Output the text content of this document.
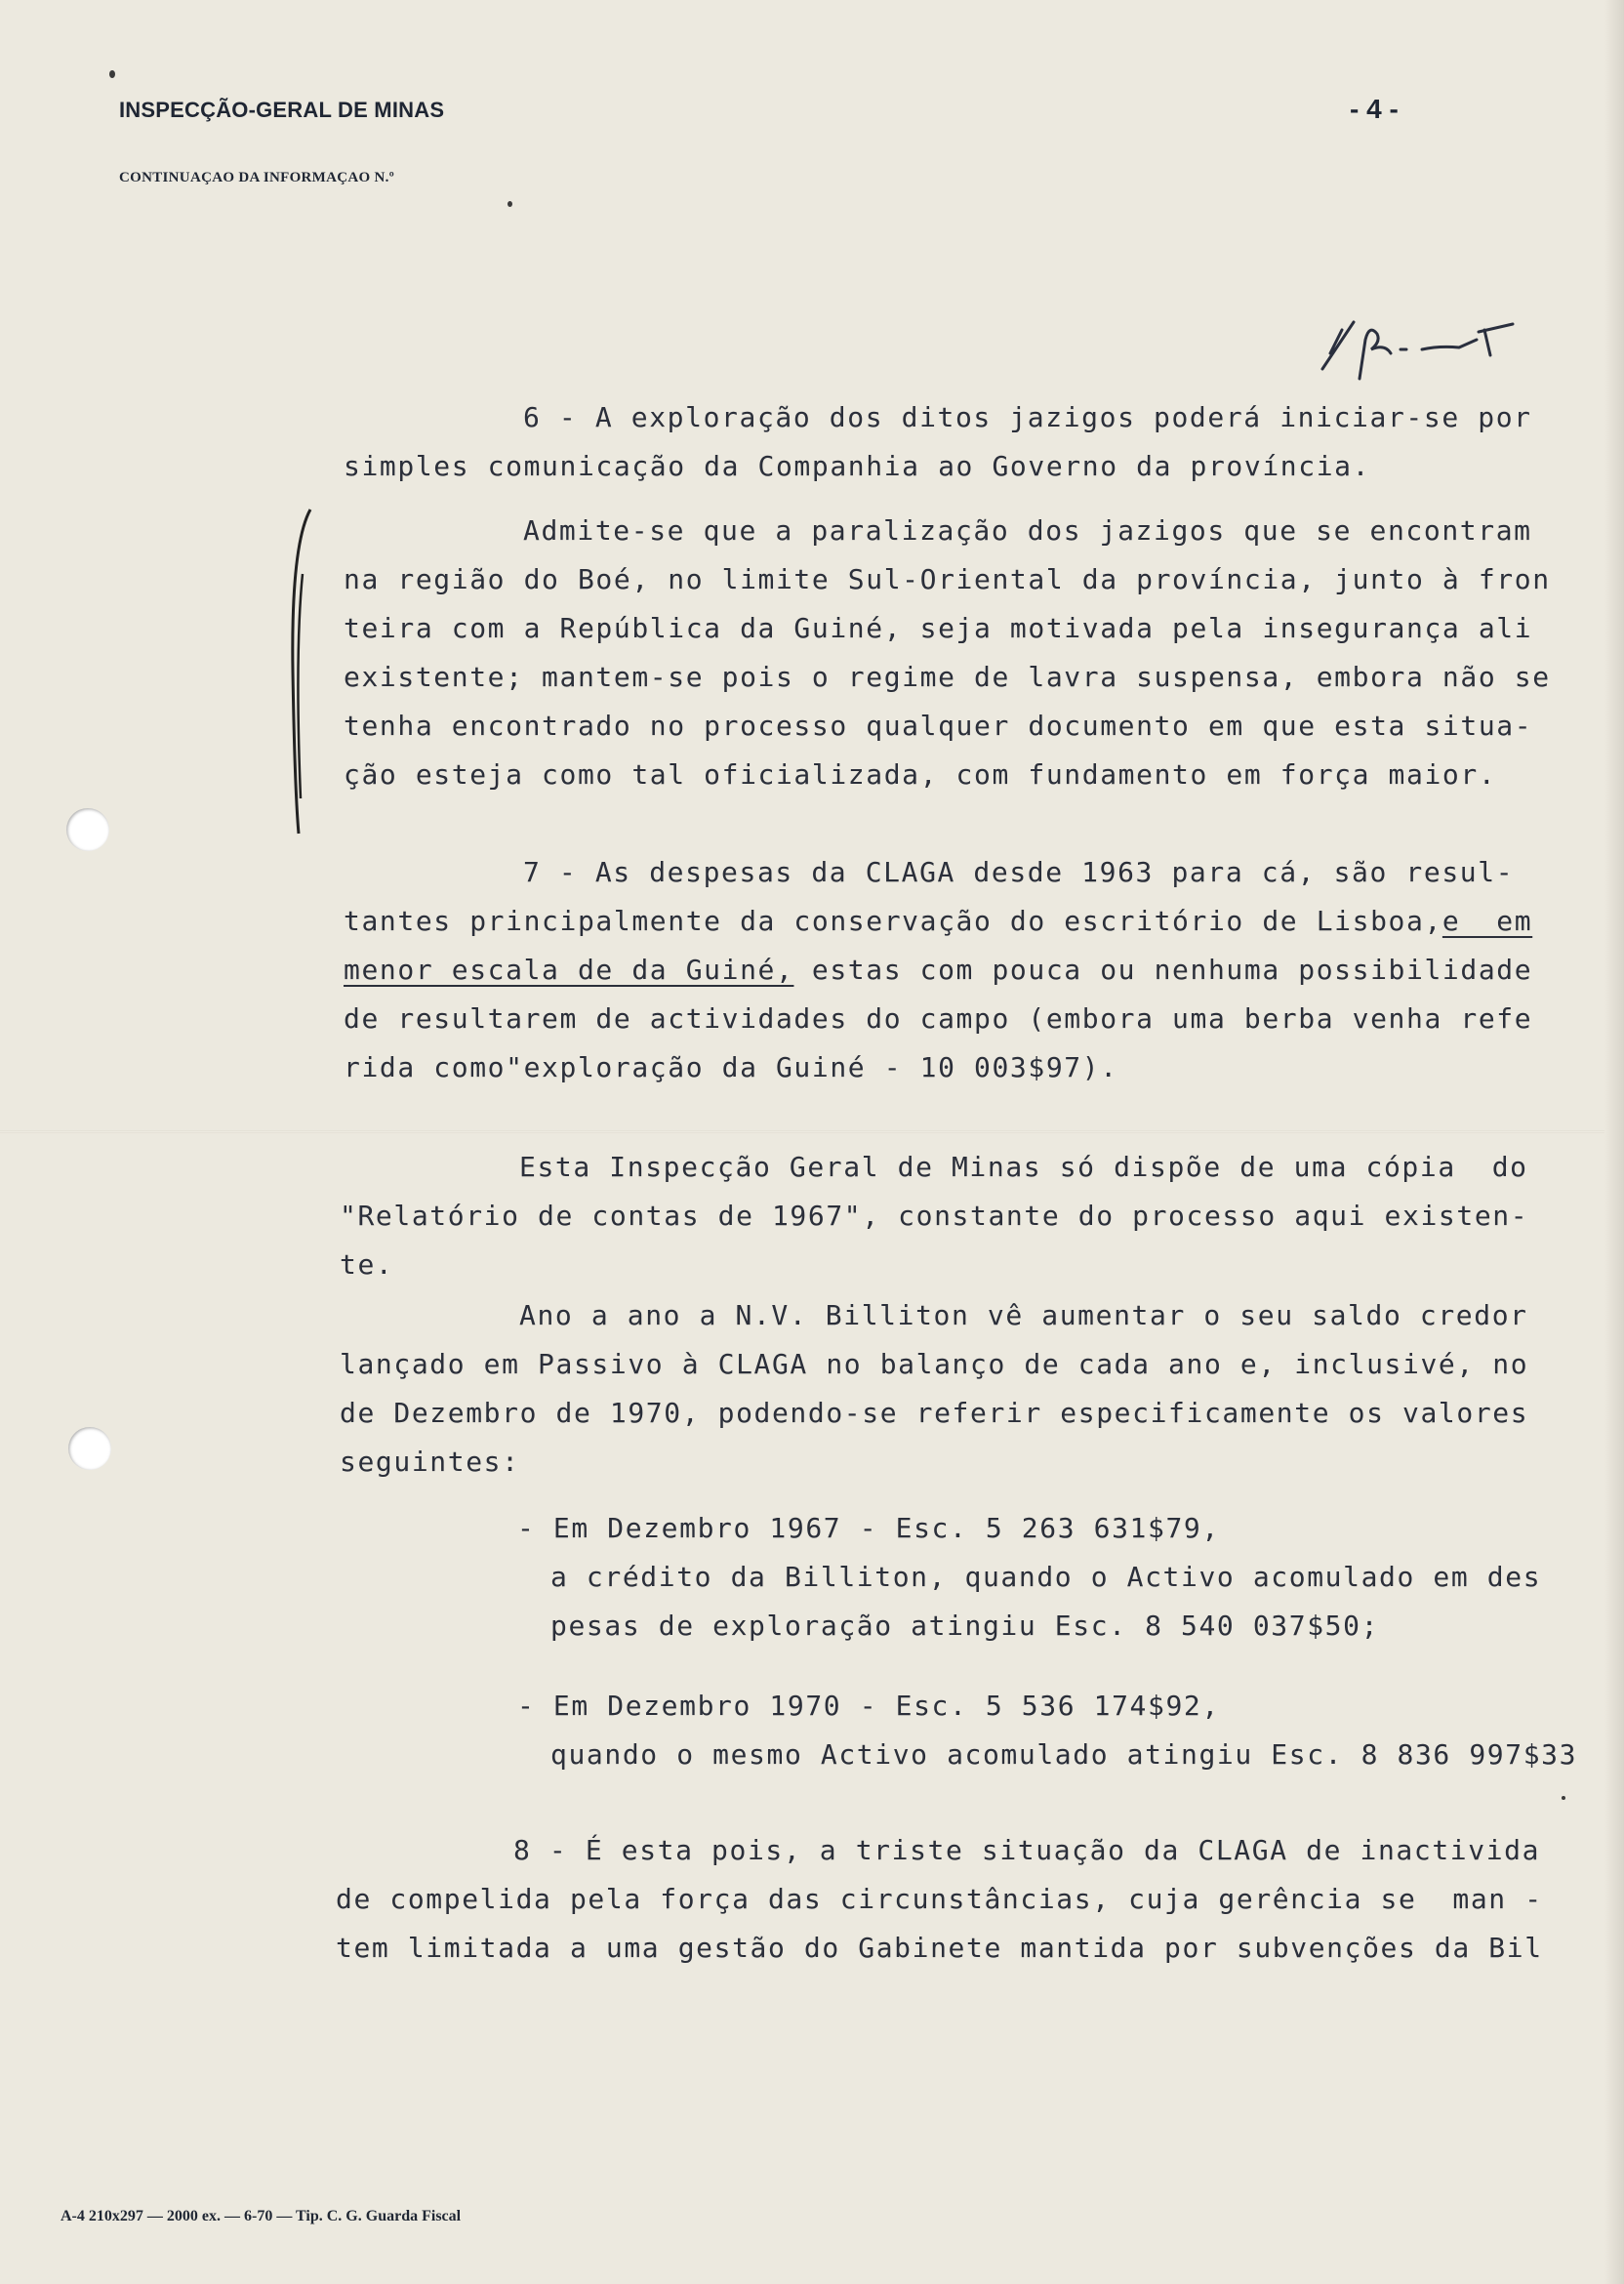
INSPECÇÃO-GERAL DE MINAS
CONTINUAÇAO DA INFORMAÇAO N.º
- 4 -
6 - A exploração dos ditos jazigos poderá iniciar-se por
simples comunicação da Companhia ao Governo da província.
Admite-se que a paralização dos jazigos que se encontram
na região do Boé, no limite Sul-Oriental da província, junto à fron
teira com a República da Guiné, seja motivada pela insegurança ali
existente; mantem-se pois o regime de lavra suspensa, embora não se
tenha encontrado no processo qualquer documento em que esta situa-
ção esteja como tal oficializada, com fundamento em força maior.
7 - As despesas da CLAGA desde 1963 para cá, são resul-
tantes principalmente da conservação do escritório de Lisboa,e  em
menor escala de da Guiné, estas com pouca ou nenhuma possibilidade
de resultarem de actividades do campo (embora uma berba venha refe
rida como"exploração da Guiné - 10 003$97).
Esta Inspecção Geral de Minas só dispõe de uma cópia  do
"Relatório de contas de 1967", constante do processo aqui existen-
te.
Ano a ano a N.V. Billiton vê aumentar o seu saldo credor
lançado em Passivo à CLAGA no balanço de cada ano e, inclusivé, no
de Dezembro de 1970, podendo-se referir especificamente os valores
seguintes:
- Em Dezembro 1967 - Esc. 5 263 631$79,
a crédito da Billiton, quando o Activo acomulado em des
pesas de exploração atingiu Esc. 8 540 037$50;
- Em Dezembro 1970 - Esc. 5 536 174$92,
quando o mesmo Activo acomulado atingiu Esc. 8 836 997$33
8 - É esta pois, a triste situação da CLAGA de inactivida
de compelida pela força das circunstâncias, cuja gerência se  man -
tem limitada a uma gestão do Gabinete mantida por subvenções da Bil
A-4 210x297 — 2000 ex. — 6-70 — Tip. C. G. Guarda Fiscal
